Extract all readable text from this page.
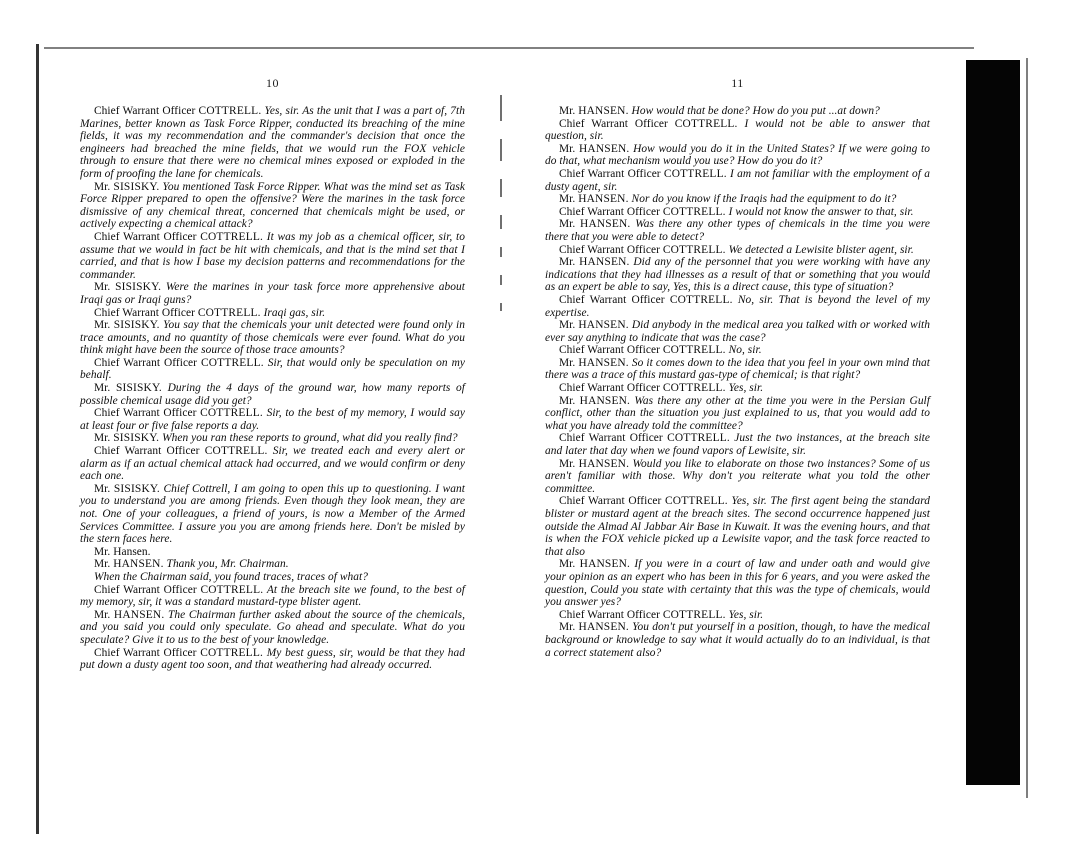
10

Chief Warrant Officer COTTRELL. Yes, sir. As the unit that I was a part of, 7th Marines, better known as Task Force Ripper, conducted its breaching of the mine fields, it was my recommendation and the commander's decision that once the engineers had breached the mine fields, that we would run the FOX vehicle through to ensure that there were no chemical mines exposed or exploded in the form of proofing the lane for chemicals.

Mr. SISISKY. You mentioned Task Force Ripper. What was the mind set as Task Force Ripper prepared to open the offensive? Were the marines in the task force dismissive of any chemical threat, concerned that chemicals might be used, or actively expecting a chemical attack?

Chief Warrant Officer COTTRELL. It was my job as a chemical officer, sir, to assume that we would in fact be hit with chemicals, and that is the mind set that I carried, and that is how I base my decision patterns and recommendations for the commander.

Mr. SISISKY. Were the marines in your task force more apprehensive about Iraqi gas or Iraqi guns?

Chief Warrant Officer COTTRELL. Iraqi gas, sir.

Mr. SISISKY. You say that the chemicals your unit detected were found only in trace amounts, and no quantity of those chemicals were ever found. What do you think might have been the source of those trace amounts?

Chief Warrant Officer COTTRELL. Sir, that would only be speculation on my behalf.

Mr. SISISKY. During the 4 days of the ground war, how many reports of possible chemical usage did you get?

Chief Warrant Officer COTTRELL. Sir, to the best of my memory, I would say at least four or five false reports a day.

Mr. SISISKY. When you ran these reports to ground, what did you really find?

Chief Warrant Officer COTTRELL. Sir, we treated each and every alert or alarm as if an actual chemical attack had occurred, and we would confirm or deny each one.

Mr. SISISKY. Chief Cottrell, I am going to open this up to questioning. I want you to understand you are among friends. Even though they look mean, they are not. One of your colleagues, a friend of yours, is now a Member of the Armed Services Committee. I assure you you are among friends here. Don't be misled by the stern faces here.

Mr. Hansen.

Mr. HANSEN. Thank you, Mr. Chairman.

When the Chairman said, you found traces, traces of what?

Chief Warrant Officer COTTRELL. At the breach site we found, to the best of my memory, sir, it was a standard mustard-type blister agent.

Mr. HANSEN. The Chairman further asked about the source of the chemicals, and you said you could only speculate. Go ahead and speculate. What do you speculate? Give it to us to the best of your knowledge.

Chief Warrant Officer COTTRELL. My best guess, sir, would be that they had put down a dusty agent too soon, and that weathering had already occurred.

11

Mr. HANSEN. How would that be done? How do you put ...at down?

Chief Warrant Officer COTTRELL. I would not be able to answer that question, sir.

Mr. HANSEN. How would you do it in the United States? If we were going to do that, what mechanism would you use? How do you do it?

Chief Warrant Officer COTTRELL. I am not familiar with the employment of a dusty agent, sir.

Mr. HANSEN. Nor do you know if the Iraqis had the equipment to do it?

Chief Warrant Officer COTTRELL. I would not know the answer to that, sir.

Mr. HANSEN. Was there any other types of chemicals in the time you were there that you were able to detect?

Chief Warrant Officer COTTRELL. We detected a Lewisite blister agent, sir.

Mr. HANSEN. Did any of the personnel that you were working with have any indications that they had illnesses as a result of that or something that you would as an expert be able to say, Yes, this is a direct cause, this type of situation?

Chief Warrant Officer COTTRELL. No, sir. That is beyond the level of my expertise.

Mr. HANSEN. Did anybody in the medical area you talked with or worked with ever say anything to indicate that was the case?

Chief Warrant Officer COTTRELL. No, sir.

Mr. HANSEN. So it comes down to the idea that you feel in your own mind that there was a trace of this mustard gas-type of chemical; is that right?

Chief Warrant Officer COTTRELL. Yes, sir.

Mr. HANSEN. Was there any other at the time you were in the Persian Gulf conflict, other than the situation you just explained to us, that you would add to what you have already told the committee?

Chief Warrant Officer COTTRELL. Just the two instances, at the breach site and later that day when we found vapors of Lewisite, sir.

Mr. HANSEN. Would you like to elaborate on those two instances? Some of us aren't familiar with those. Why don't you reiterate what you told the other committee.

Chief Warrant Officer COTTRELL. Yes, sir. The first agent being the standard blister or mustard agent at the breach sites. The second occurrence happened just outside the Almad Al Jabbar Air Base in Kuwait. It was the evening hours, and that is when the FOX vehicle picked up a Lewisite vapor, and the task force reacted to that also

Mr. HANSEN. If you were in a court of law and under oath and would give your opinion as an expert who has been in this for 6 years, and you were asked the question, Could you state with certainty that this was the type of chemicals, would you answer yes?

Chief Warrant Officer COTTRELL. Yes, sir.

Mr. HANSEN. You don't put yourself in a position, though, to have the medical background or knowledge to say what it would actually do to an individual, is that a correct statement also?
